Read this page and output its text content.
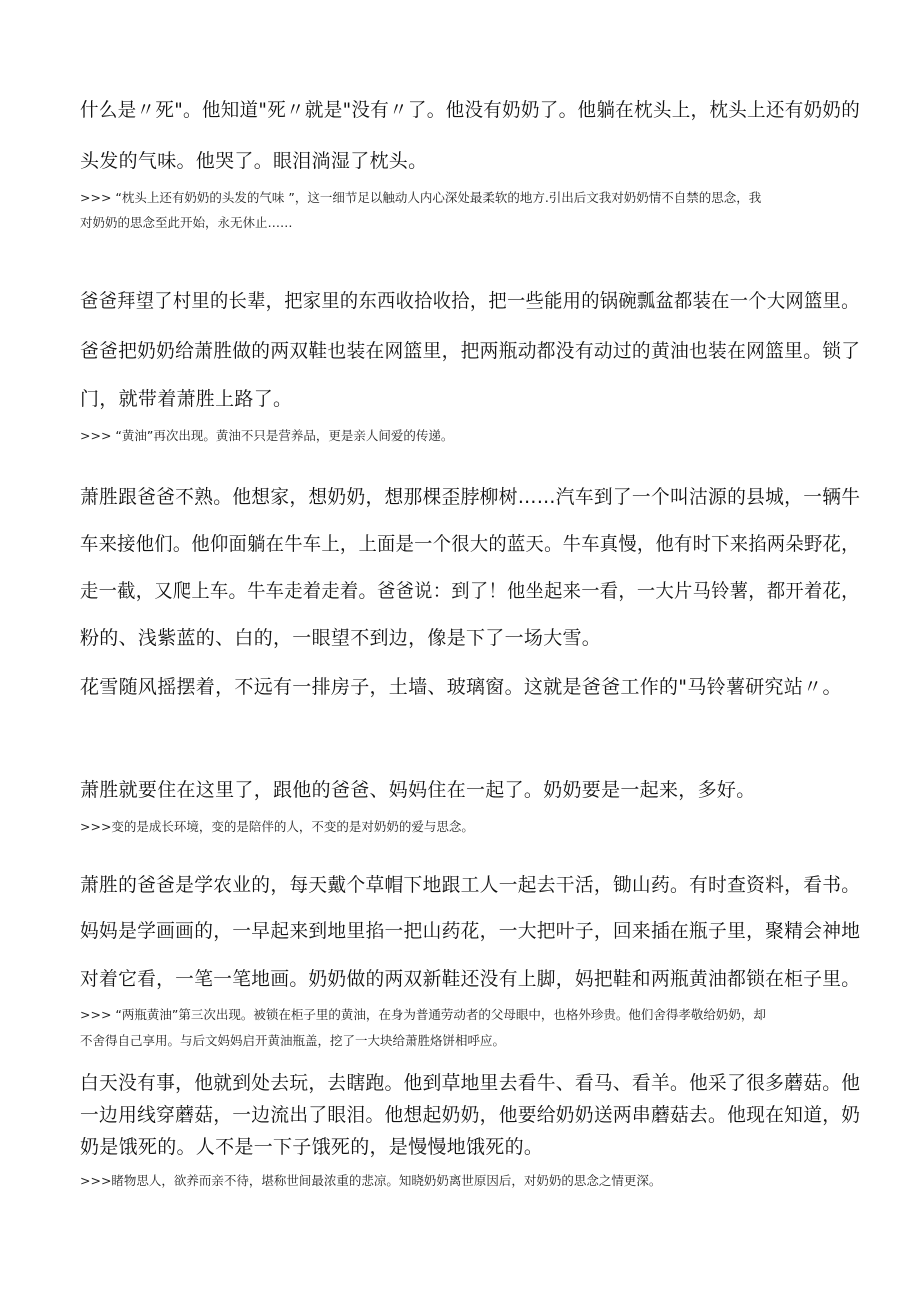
什么是〃死"。他知道"死〃就是"没有〃了。他没有奶奶了。他躺在枕头上，枕头上还有奶奶的
头发的气味。他哭了。眼泪淌湿了枕头。
>>> “枕头上还有奶奶的头发的气味 ”，这一细节足以触动人内心深处最柔软的地方.引出后文我对奶奶情不自禁的思念，我
对奶奶的思念至此开始，永无休止……
爸爸拜望了村里的长辈，把家里的东西收拾收拾，把一些能用的锅碗瓢盆都装在一个大网篮里。
爸爸把奶奶给萧胜做的两双鞋也装在网篮里，把两瓶动都没有动过的黄油也装在网篮里。锁了
门，就带着萧胜上路了。
>>> “黄油”再次出现。黄油不只是营养品，更是亲人间爱的传递。
萧胜跟爸爸不熟。他想家，想奶奶，想那棵歪脖柳树……汽车到了一个叫沽源的县城，一辆牛
车来接他们。他仰面躺在牛车上，上面是一个很大的蓝天。牛车真慢，他有时下来掐两朵野花，
走一截，又爬上车。牛车走着走着。爸爸说：到了！他坐起来一看，一大片马铃薯，都开着花，
粉的、浅紫蓝的、白的，一眼望不到边，像是下了一场大雪。
花雪随风摇摆着，不远有一排房子，土墙、玻璃窗。这就是爸爸工作的"马铃薯研究站〃。
萧胜就要住在这里了，跟他的爸爸、妈妈住在一起了。奶奶要是一起来，多好。
>>>变的是成长环境，变的是陪伴的人，不变的是对奶奶的爱与思念。
萧胜的爸爸是学农业的，每天戴个草帽下地跟工人一起去干活，锄山药。有时查资料，看书。
妈妈是学画画的，一早起来到地里掐一把山药花，一大把叶子，回来插在瓶子里，聚精会神地
对着它看，一笔一笔地画。奶奶做的两双新鞋还没有上脚，妈把鞋和两瓶黄油都锁在柜子里。
>>> “两瓶黄油”第三次出现。被锁在柜子里的黄油，在身为普通劳动者的父母眼中，也格外珍贵。他们舍得孝敬给奶奶，却
不舍得自己享用。与后文妈妈启开黄油瓶盖，挖了一大块给萧胜烙饼相呼应。
白天没有事，他就到处去玩，去瞎跑。他到草地里去看牛、看马、看羊。他采了很多蘑菇。他
一边用线穿蘑菇，一边流出了眼泪。他想起奶奶，他要给奶奶送两串蘑菇去。他现在知道，奶
奶是饿死的。人不是一下子饿死的，是慢慢地饿死的。
>>>睹物思人，欲养而亲不待，堪称世间最浓重的悲凉。知晓奶奶离世原因后，对奶奶的思念之情更深。
